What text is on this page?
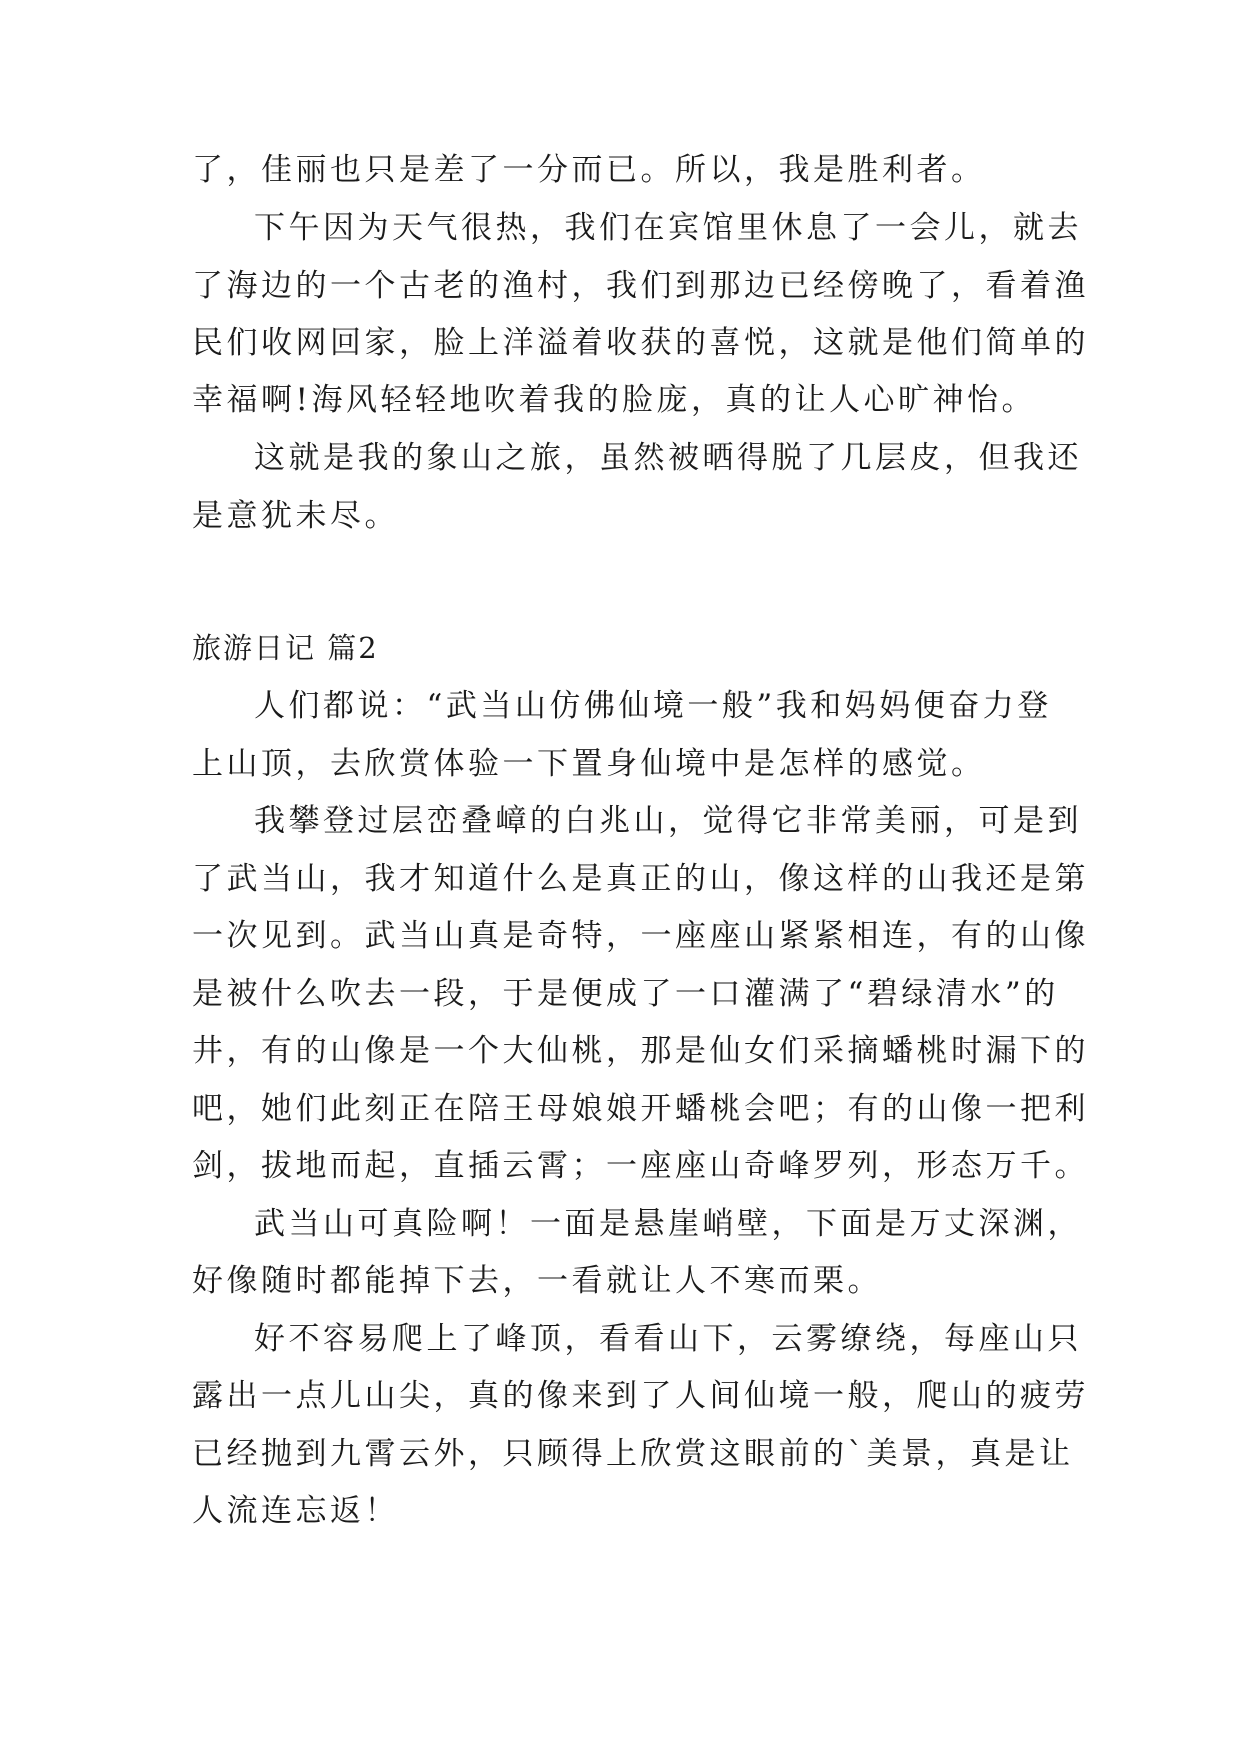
了，佳丽也只是差了一分而已。所以，我是胜利者。
下午因为天气很热，我们在宾馆里休息了一会儿，就去
了海边的一个古老的渔村，我们到那边已经傍晚了，看着渔
民们收网回家，脸上洋溢着收获的喜悦，这就是他们简单的
幸福啊!海风轻轻地吹着我的脸庞，真的让人心旷神怡。
这就是我的象山之旅，虽然被晒得脱了几层皮，但我还
是意犹未尽。
旅游日记 篇2
人们都说：“武当山仿佛仙境一般”我和妈妈便奋力登
上山顶，去欣赏体验一下置身仙境中是怎样的感觉。
我攀登过层峦叠嶂的白兆山，觉得它非常美丽，可是到
了武当山，我才知道什么是真正的山，像这样的山我还是第
一次见到。武当山真是奇特，一座座山紧紧相连，有的山像
是被什么吹去一段，于是便成了一口灌满了“碧绿清水”的
井，有的山像是一个大仙桃，那是仙女们采摘蟠桃时漏下的
吧，她们此刻正在陪王母娘娘开蟠桃会吧；有的山像一把利
剑，拔地而起，直插云霄；一座座山奇峰罗列，形态万千。
武当山可真险啊！一面是悬崖峭壁，下面是万丈深渊，
好像随时都能掉下去，一看就让人不寒而栗。
好不容易爬上了峰顶，看看山下，云雾缭绕，每座山只
露出一点儿山尖，真的像来到了人间仙境一般，爬山的疲劳
已经抛到九霄云外，只顾得上欣赏这眼前的`美景，真是让
人流连忘返！
